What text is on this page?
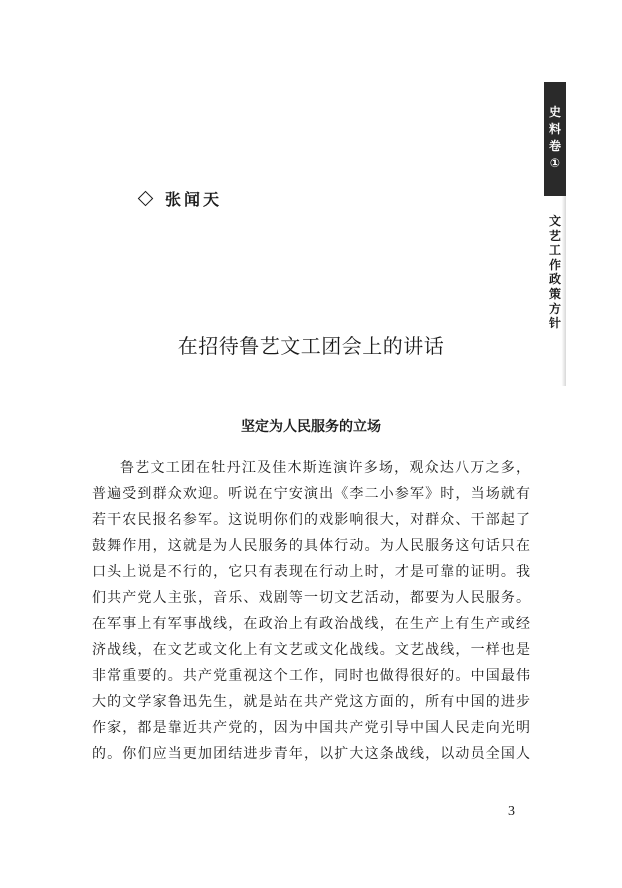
史
料
卷
①
文
艺
工
作
政
策
方
针
张闻天
在招待鲁艺文工团会上的讲话
坚定为人民服务的立场
鲁艺文工团在牡丹江及佳木斯连演许多场，观众达八万之多，
普遍受到群众欢迎。听说在宁安演出《李二小参军》时，当场就有
若干农民报名参军。这说明你们的戏影响很大，对群众、干部起了
鼓舞作用，这就是为人民服务的具体行动。为人民服务这句话只在
口头上说是不行的，它只有表现在行动上时，才是可靠的证明。我
们共产党人主张，音乐、戏剧等一切文艺活动，都要为人民服务。
在军事上有军事战线，在政治上有政治战线，在生产上有生产或经
济战线，在文艺或文化上有文艺或文化战线。文艺战线，一样也是
非常重要的。共产党重视这个工作，同时也做得很好的。中国最伟
大的文学家鲁迅先生，就是站在共产党这方面的，所有中国的进步
作家，都是靠近共产党的，因为中国共产党引导中国人民走向光明
的。你们应当更加团结进步青年，以扩大这条战线，以动员全国人
3
